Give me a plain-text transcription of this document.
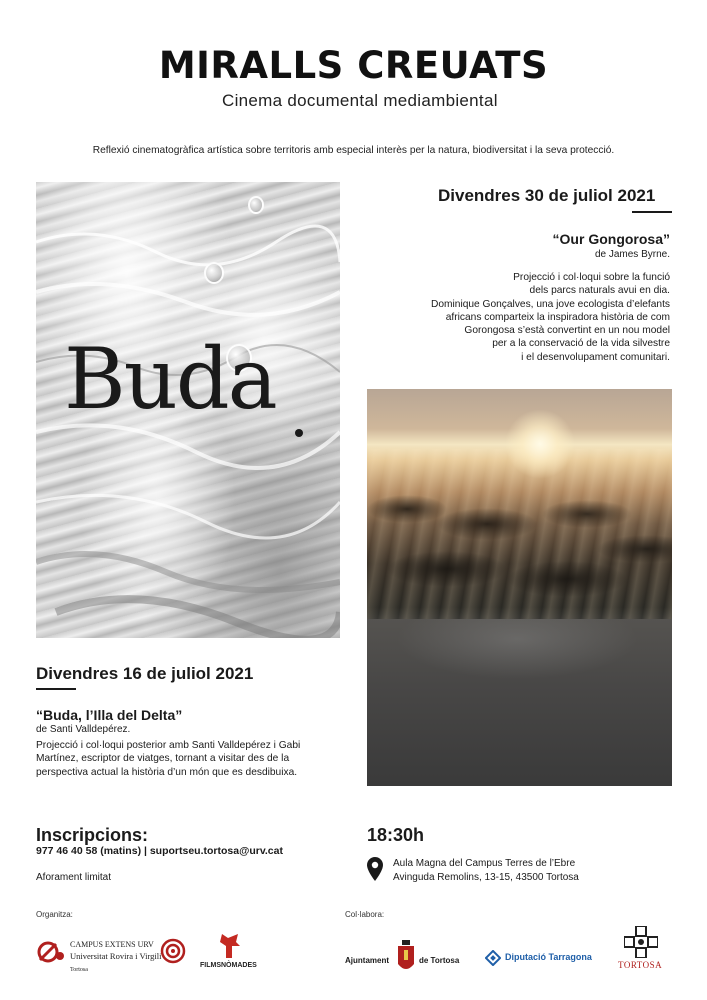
MIRALLS CREUATS
Cinema documental mediambiental
Reflexió cinematogràfica artística sobre territoris amb especial interès per la natura, biodiversitat i la seva protecció.
Buda
Divendres 30 de juliol 2021
“Our Gongorosa”
de James Byrne.
Projecció i col·loqui sobre la funció
dels parcs naturals avui en dia.
Dominique Gonçalves, una jove ecologista d’elefants
africans comparteix la inspiradora història de com
Gorongosa s’està convertint en un nou model
per a la conservació de la vida silvestre
i el desenvolupament comunitari.
Divendres 16 de juliol 2021
“Buda, l’Illa del Delta”
de Santi Valldepérez.
Projecció i col·loqui posterior amb Santi Valldepérez i Gabi Martínez, escriptor de viatges, tornant a visitar des de la perspectiva actual la història d’un món que es desdibuixa.
Inscripcions:
977 46 40 58 (matins) | suportseu.tortosa@urv.cat
Aforament limitat
18:30h
Aula Magna del Campus Terres de l’Ebre
Avinguda Remolins, 13-15, 43500 Tortosa
Organitza:	Col·labora:
CAMPUS EXTENS URV
Universitat Rovira i Virgili
Tortosa
FILMSNÒMADES
Ajuntament	de Tortosa	Diputació Tarragona
TORTOSA
